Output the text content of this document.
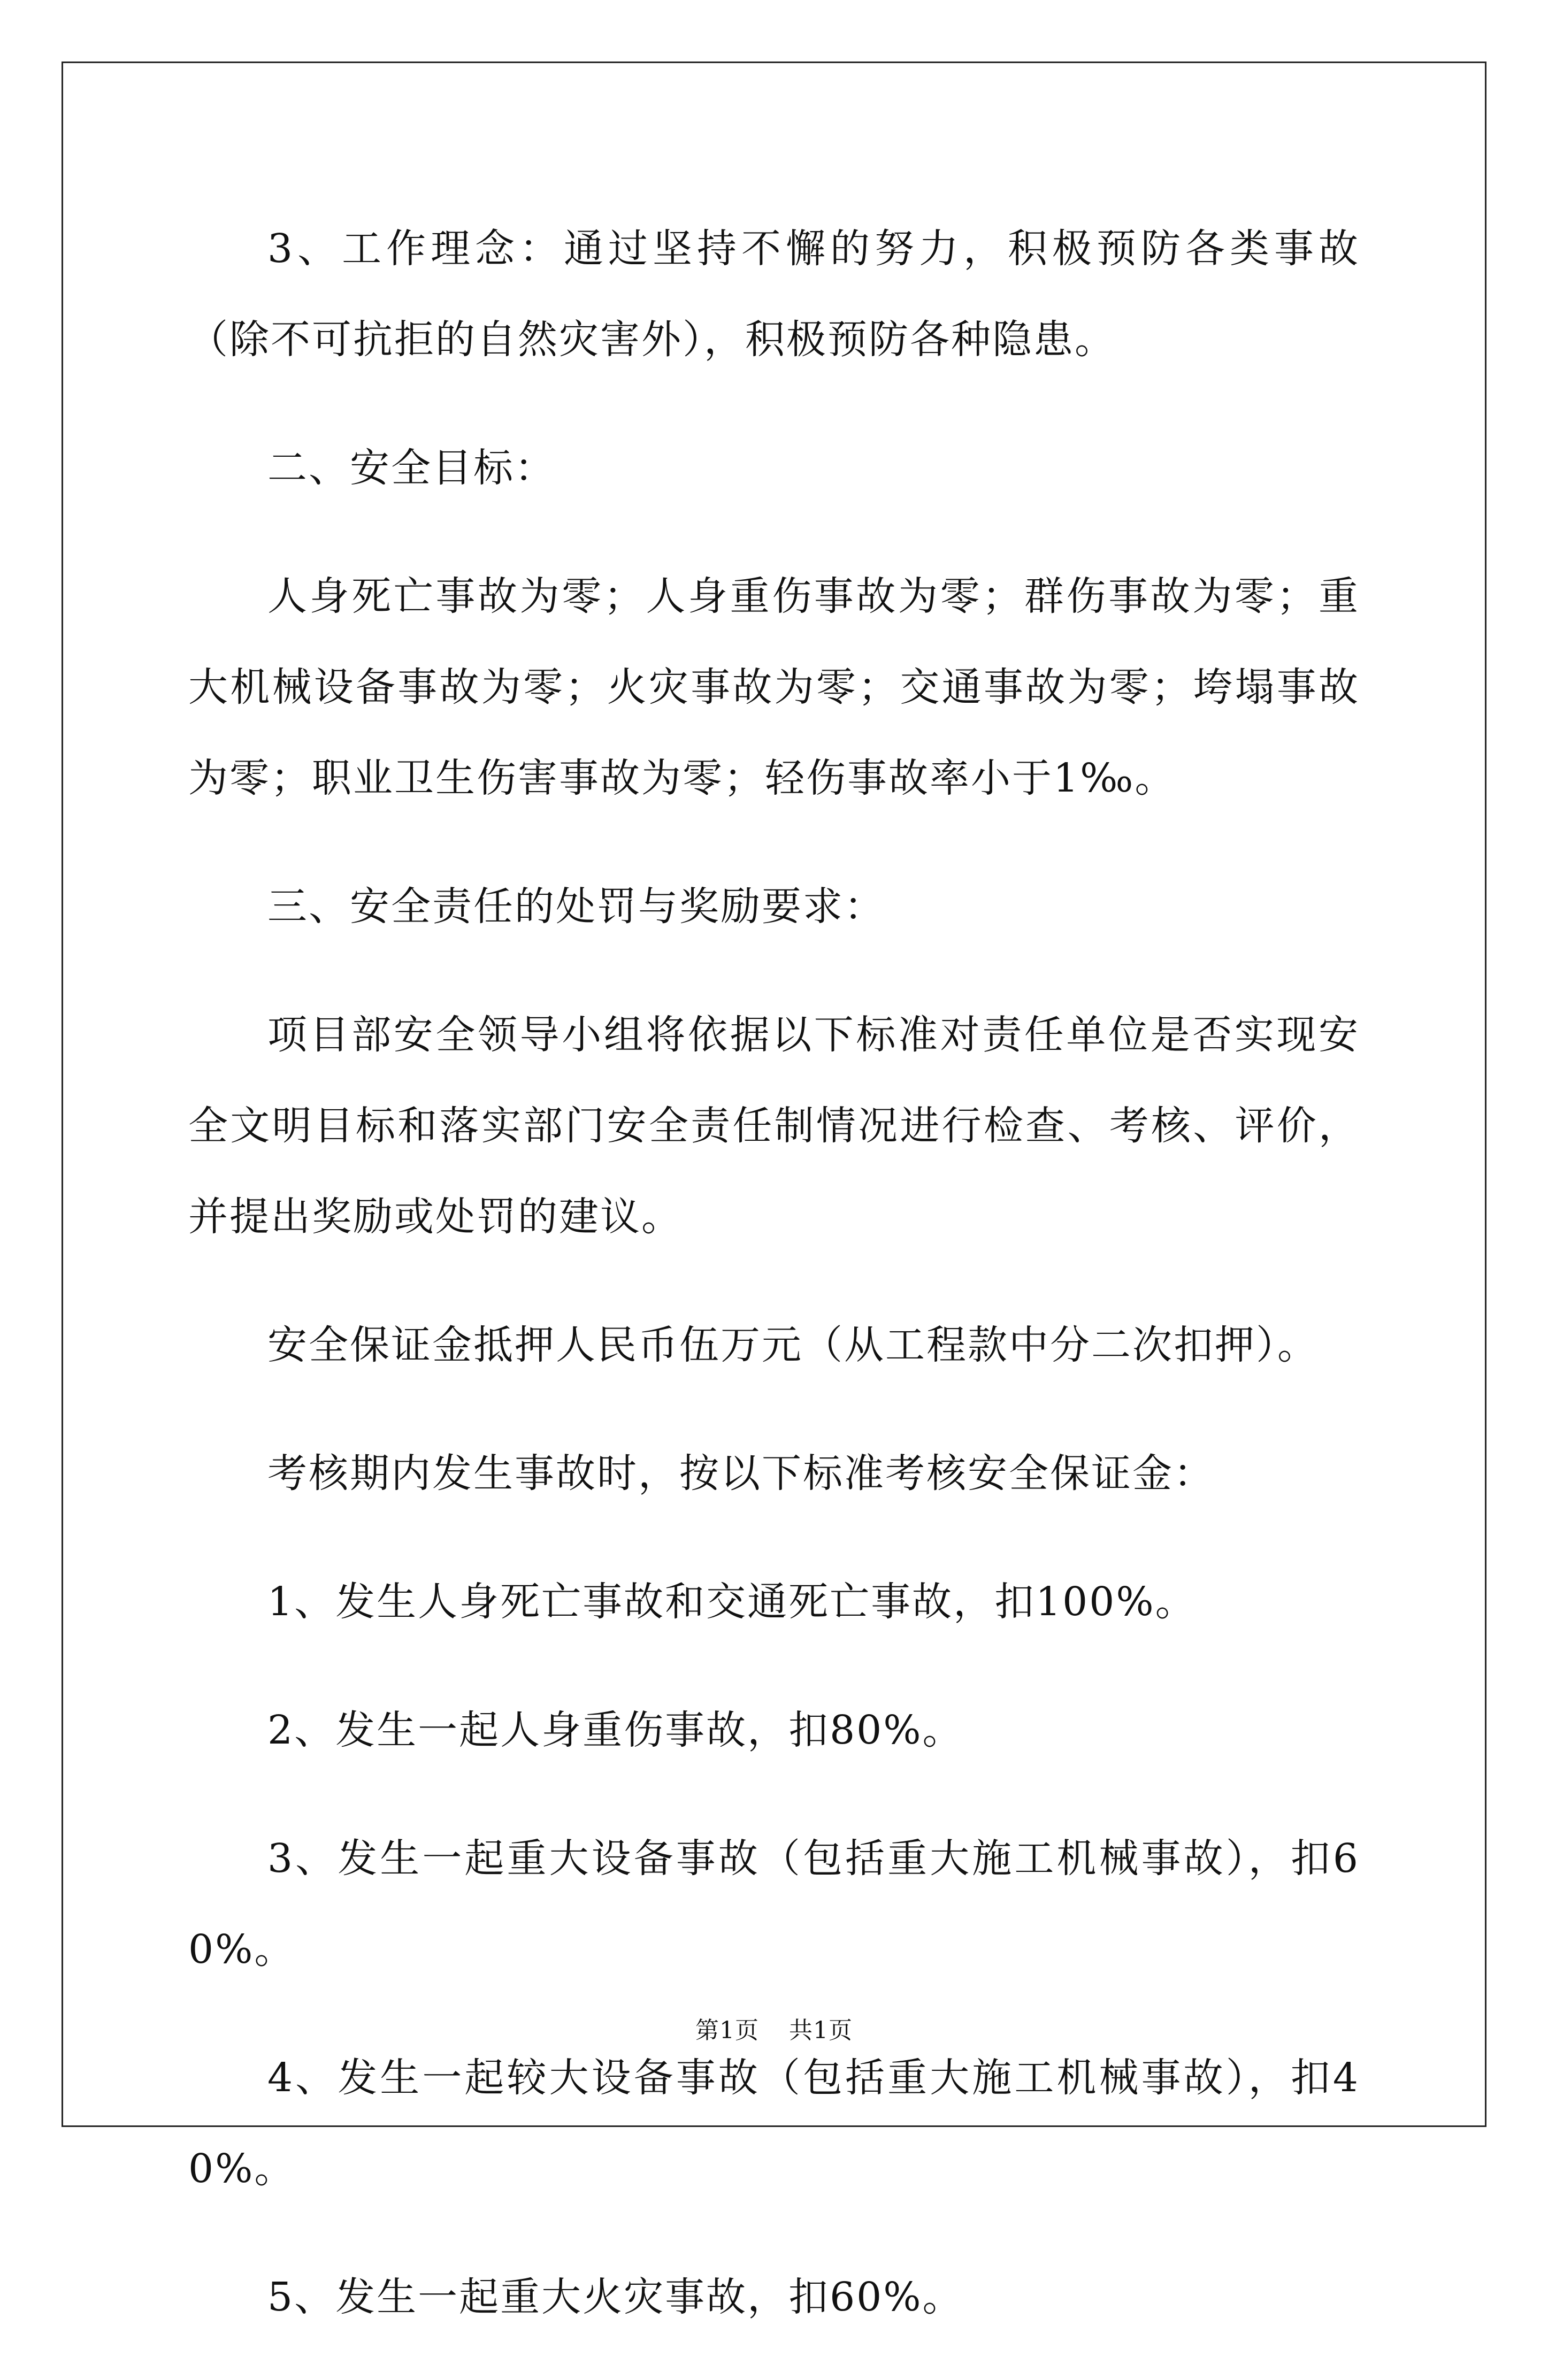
3、工作理念：通过坚持不懈的努力，积极预防各类事故（除不可抗拒的自然灾害外），积极预防各种隐患。

二、安全目标：

人身死亡事故为零；人身重伤事故为零；群伤事故为零；重大机械设备事故为零；火灾事故为零；交通事故为零；垮塌事故为零；职业卫生伤害事故为零；轻伤事故率小于1‰。

三、安全责任的处罚与奖励要求：

项目部安全领导小组将依据以下标准对责任单位是否实现安全文明目标和落实部门安全责任制情况进行检查、考核、评价，并提出奖励或处罚的建议。

安全保证金抵押人民币伍万元（从工程款中分二次扣押）。

考核期内发生事故时，按以下标准考核安全保证金：

1、发生人身死亡事故和交通死亡事故，扣100%。

2、发生一起人身重伤事故，扣80%。

3、发生一起重大设备事故（包括重大施工机械事故），扣60%。

4、发生一起较大设备事故（包括重大施工机械事故），扣40%。

5、发生一起重大火灾事故，扣60%。

第1页 共1页
